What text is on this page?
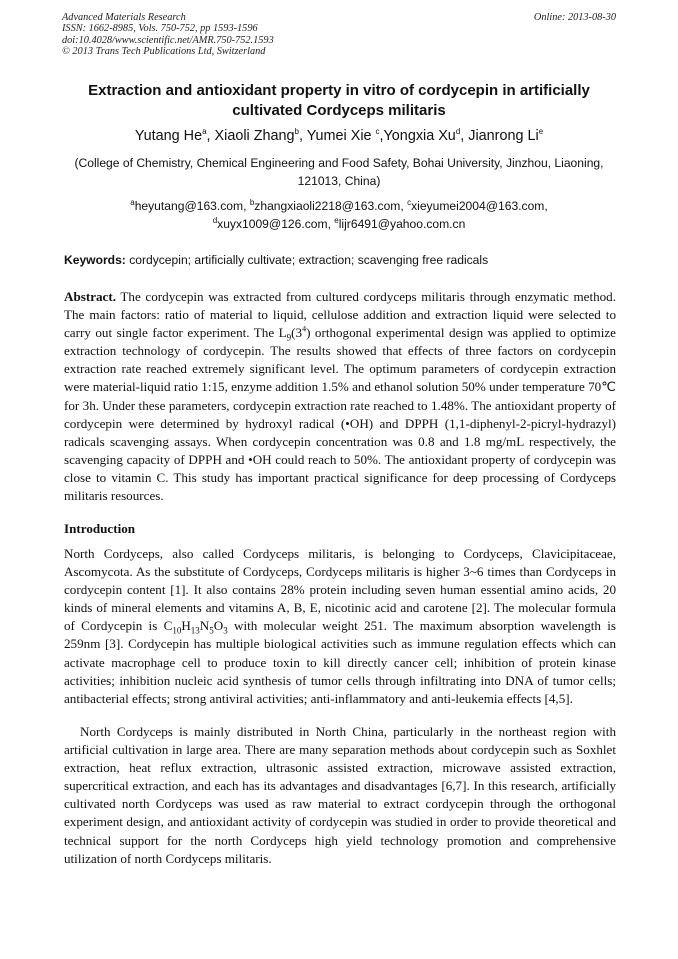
Advanced Materials Research
ISSN: 1662-8985, Vols. 750-752, pp 1593-1596
doi:10.4028/www.scientific.net/AMR.750-752.1593
© 2013 Trans Tech Publications Ltd, Switzerland
Online: 2013-08-30
Extraction and antioxidant property in vitro of cordycepin in artificially cultivated Cordyceps militaris
Yutang He$^a$, Xiaoli Zhang$^b$, Yumei Xie $^c$,Yongxia Xu$^d$, Jianrong Li$^e$
(College of Chemistry, Chemical Engineering and Food Safety, Bohai University, Jinzhou, Liaoning, 121013, China)
$^a$heyutang@163.com, $^b$zhangxiaoli2218@163.com, $^c$xieyumei2004@163.com,
$^d$xuyx1009@126.com, $^e$lijr6491@yahoo.com.cn
Keywords: cordycepin; artificially cultivate; extraction; scavenging free radicals
Abstract. The cordycepin was extracted from cultured cordyceps militaris through enzymatic method. The main factors: ratio of material to liquid, cellulose addition and extraction liquid were selected to carry out single factor experiment. The $L_9(3^4)$ orthogonal experimental design was applied to optimize extraction technology of cordycepin. The results showed that effects of three factors on cordycepin extraction rate reached extremely significant level. The optimum parameters of cordycepin extraction were material-liquid ratio 1:15, enzyme addition 1.5% and ethanol solution 50% under temperature 70℃ for 3h. Under these parameters, cordycepin extraction rate reached to 1.48%. The antioxidant property of cordycepin were determined by hydroxyl radical (•OH) and DPPH (1,1-diphenyl-2-picryl-hydrazyl) radicals scavenging assays. When cordycepin concentration was 0.8 and 1.8 mg/mL respectively, the scavenging capacity of DPPH and •OH could reach to 50%. The antioxidant property of cordycepin was close to vitamin C. This study has important practical significance for deep processing of Cordyceps militaris resources.
Introduction
North Cordyceps, also called Cordyceps militaris, is belonging to Cordyceps, Clavicipitaceae, Ascomycota. As the substitute of Cordyceps, Cordyceps militaris is higher 3~6 times than Cordyceps in cordycepin content [1]. It also contains 28% protein including seven human essential amino acids, 20 kinds of mineral elements and vitamins A, B, E, nicotinic acid and carotene [2]. The molecular formula of Cordycepin is $C_{10}H_{13}N_5O_3$ with molecular weight 251. The maximum absorption wavelength is 259nm [3]. Cordycepin has multiple biological activities such as immune regulation effects which can activate macrophage cell to produce toxin to kill directly cancer cell; inhibition of protein kinase activities; inhibition nucleic acid synthesis of tumor cells through infiltrating into DNA of tumor cells; antibacterial effects; strong antiviral activities; anti-inflammatory and anti-leukemia effects [4,5].
North Cordyceps is mainly distributed in North China, particularly in the northeast region with artificial cultivation in large area. There are many separation methods about cordycepin such as Soxhlet extraction, heat reflux extraction, ultrasonic assisted extraction, microwave assisted extraction, supercritical extraction, and each has its advantages and disadvantages [6,7]. In this research, artificially cultivated north Cordyceps was used as raw material to extract cordycepin through the orthogonal experiment design, and antioxidant activity of cordycepin was studied in order to provide theoretical and technical support for the north Cordyceps high yield technology promotion and comprehensive utilization of north Cordyceps militaris.
